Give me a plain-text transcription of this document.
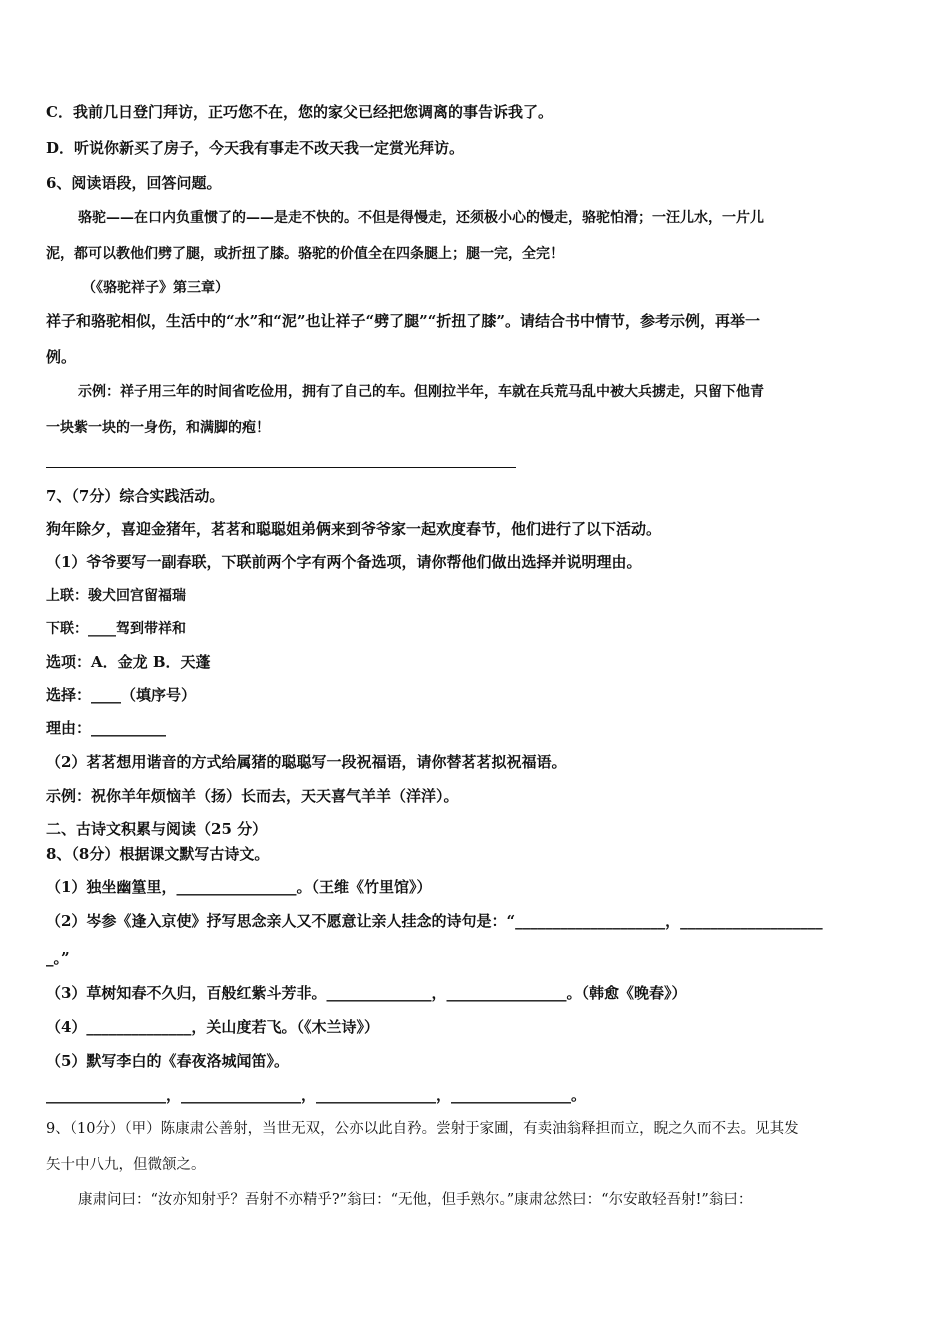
C．我前几日登门拜访，正巧您不在，您的家父已经把您调离的事告诉我了。
D．听说你新买了房子，今天我有事走不改天我一定赏光拜访。
6、阅读语段，回答问题。
骆驼——在口内负重惯了的——是走不快的。不但是得慢走，还须极小心的慢走，骆驼怕滑；一汪儿水，一片儿
泥，都可以教他们劈了腿，或折扭了膝。骆驼的价值全在四条腿上；腿一完，全完！
（《骆驼祥子》第三章）
祥子和骆驼相似，生活中的“水”和“泥”也让祥子“劈了腿”“折扭了膝”。请结合书中情节，参考示例，再举一
例。
示例：祥子用三年的时间省吃俭用，拥有了自己的车。但刚拉半年，车就在兵荒马乱中被大兵掳走，只留下他青
一块紫一块的一身伤，和满脚的疱！
7、（7分）综合实践活动。
狗年除夕，喜迎金猪年，茗茗和聪聪姐弟俩来到爷爷家一起欢度春节，他们进行了以下活动。
（1）爷爷要写一副春联，下联前两个字有两个备选项，请你帮他们做出选择并说明理由。
上联：骏犬回宫留福瑞
下联：____驾到带祥和
选项：A．金龙 B．天蓬
选择：____（填序号）
理由：__________
（2）茗茗想用谐音的方式给属猪的聪聪写一段祝福语，请你替茗茗拟祝福语。
示例：祝你羊年烦恼羊（扬）长而去，天天喜气羊羊（洋洋）。
二、古诗文积累与阅读（25 分）
8、（8分）根据课文默写古诗文。
（1）独坐幽篁里，________________。（王维《竹里馆》）
（2）岑参《逢入京使》抒写思念亲人又不愿意让亲人挂念的诗句是：“____________________，___________________
_。”
（3）草树知春不久归，百般红紫斗芳非。______________，________________。（韩愈《晚春》）
（4）______________，关山度若飞。（《木兰诗》）
（5）默写李白的《春夜洛城闻笛》。
________________，________________，________________，________________。
9、（10分）（甲）陈康肃公善射，当世无双，公亦以此自矜。尝射于家圃，有卖油翁释担而立，睨之久而不去。见其发
矢十中八九，但微颔之。
康肃问曰：“汝亦知射乎？吾射不亦精乎?”翁曰：“无他，但手熟尔。”康肃忿然曰：“尔安敢轻吾射!”翁曰：
